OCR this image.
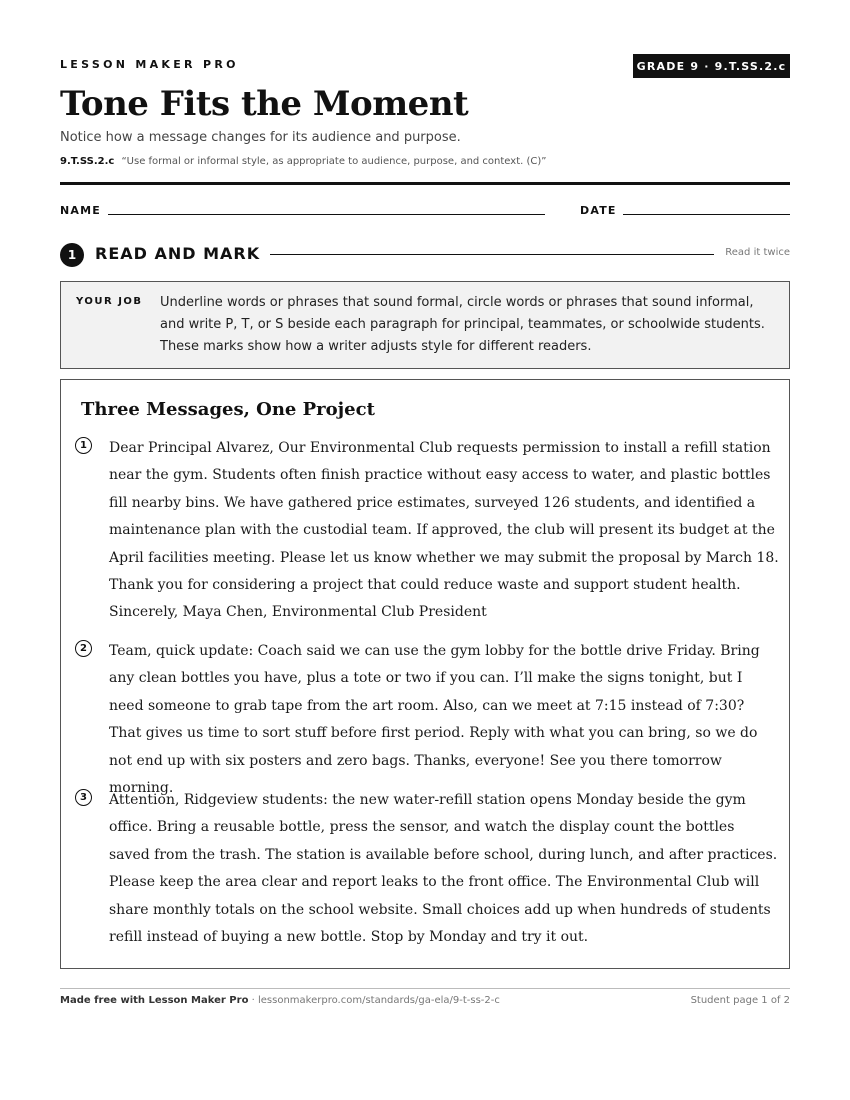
LESSON MAKER PRO	GRADE 9 · 9.T.SS.2.c
Tone Fits the Moment
Notice how a message changes for its audience and purpose.
9.T.SS.2.c “Use formal or informal style, as appropriate to audience, purpose, and context. (C)”
NAME	DATE
1	READ AND MARK	Read it twice
YOUR JOB Underline words or phrases that sound formal, circle words or phrases that sound informal, and write P, T, or S beside each paragraph for principal, teammates, or schoolwide students. These marks show how a writer adjusts style for different readers.
Three Messages, One Project
1	Dear Principal Alvarez, Our Environmental Club requests permission to install a refill station near the gym. Students often finish practice without easy access to water, and plastic bottles fill nearby bins. We have gathered price estimates, surveyed 126 students, and identified a maintenance plan with the custodial team. If approved, the club will present its budget at the April facilities meeting. Please let us know whether we may submit the proposal by March 18. Thank you for considering a project that could reduce waste and support student health. Sincerely, Maya Chen, Environmental Club President

2	Team, quick update: Coach said we can use the gym lobby for the bottle drive Friday. Bring any clean bottles you have, plus a tote or two if you can. I’ll make the signs tonight, but I need someone to grab tape from the art room. Also, can we meet at 7:15 instead of 7:30? That gives us time to sort stuff before first period. Reply with what you can bring, so we do not end up with six posters and zero bags. Thanks, everyone! See you there tomorrow morning.

3	Attention, Ridgeview students: the new water-refill station opens Monday beside the gym office. Bring a reusable bottle, press the sensor, and watch the display count the bottles saved from the trash. The station is available before school, during lunch, and after practices. Please keep the area clear and report leaks to the front office. The Environmental Club will share monthly totals on the school website. Small choices add up when hundreds of students refill instead of buying a new bottle. Stop by Monday and try it out.

Made free with Lesson Maker Pro · lessonmakerpro.com/standards/ga-ela/9-t-ss-2-c	Student page 1 of 2
